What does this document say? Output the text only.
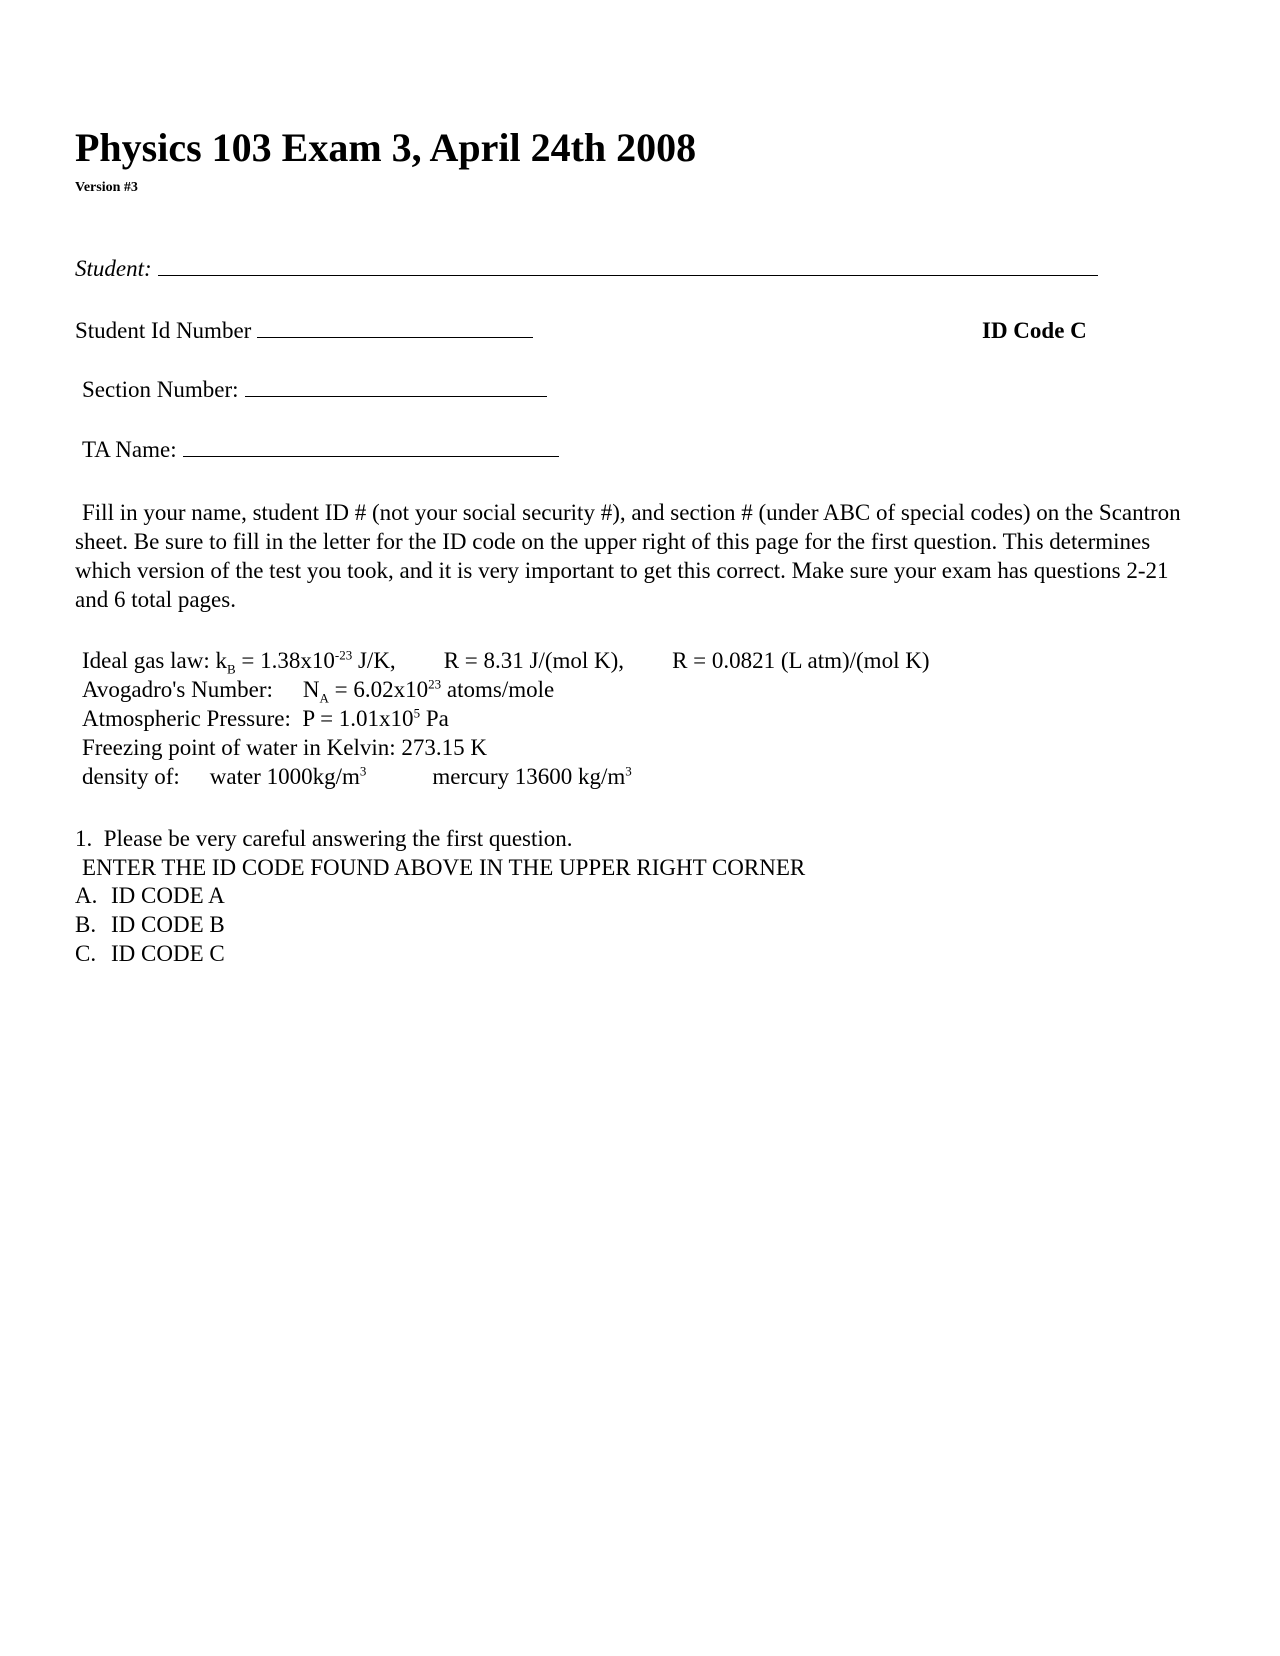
Physics 103 Exam 3, April 24th 2008
Version #3
Student:
Student Id Number	ID Code C
Section Number:
TA Name:
Fill in your name, student ID # (not your social security #), and section # (under ABC of special codes) on the Scantron sheet. Be sure to fill in the letter for the ID code on the upper right of this page for the first question. This determines which version of the test you took, and it is very important to get this correct. Make sure your exam has questions 2-21 and 6 total pages.
Ideal gas law: $k_B = 1.38x10^{-23}$ J/K, R = 8.31 J/(mol K), R = 0.0821 (L atm)/(mol K)
Avogadro's Number: $N_A = 6.02x10^{23}$ atoms/mole
Atmospheric Pressure: $P = 1.01x10^5$ Pa
Freezing point of water in Kelvin: 273.15 K
density of: water $1000kg/m^3$	mercury 13600 $kg/m^3$
1. Please be very careful answering the first question.
ENTER THE ID CODE FOUND ABOVE IN THE UPPER RIGHT CORNER
A. ID CODE A
B. ID CODE B
C. ID CODE C
